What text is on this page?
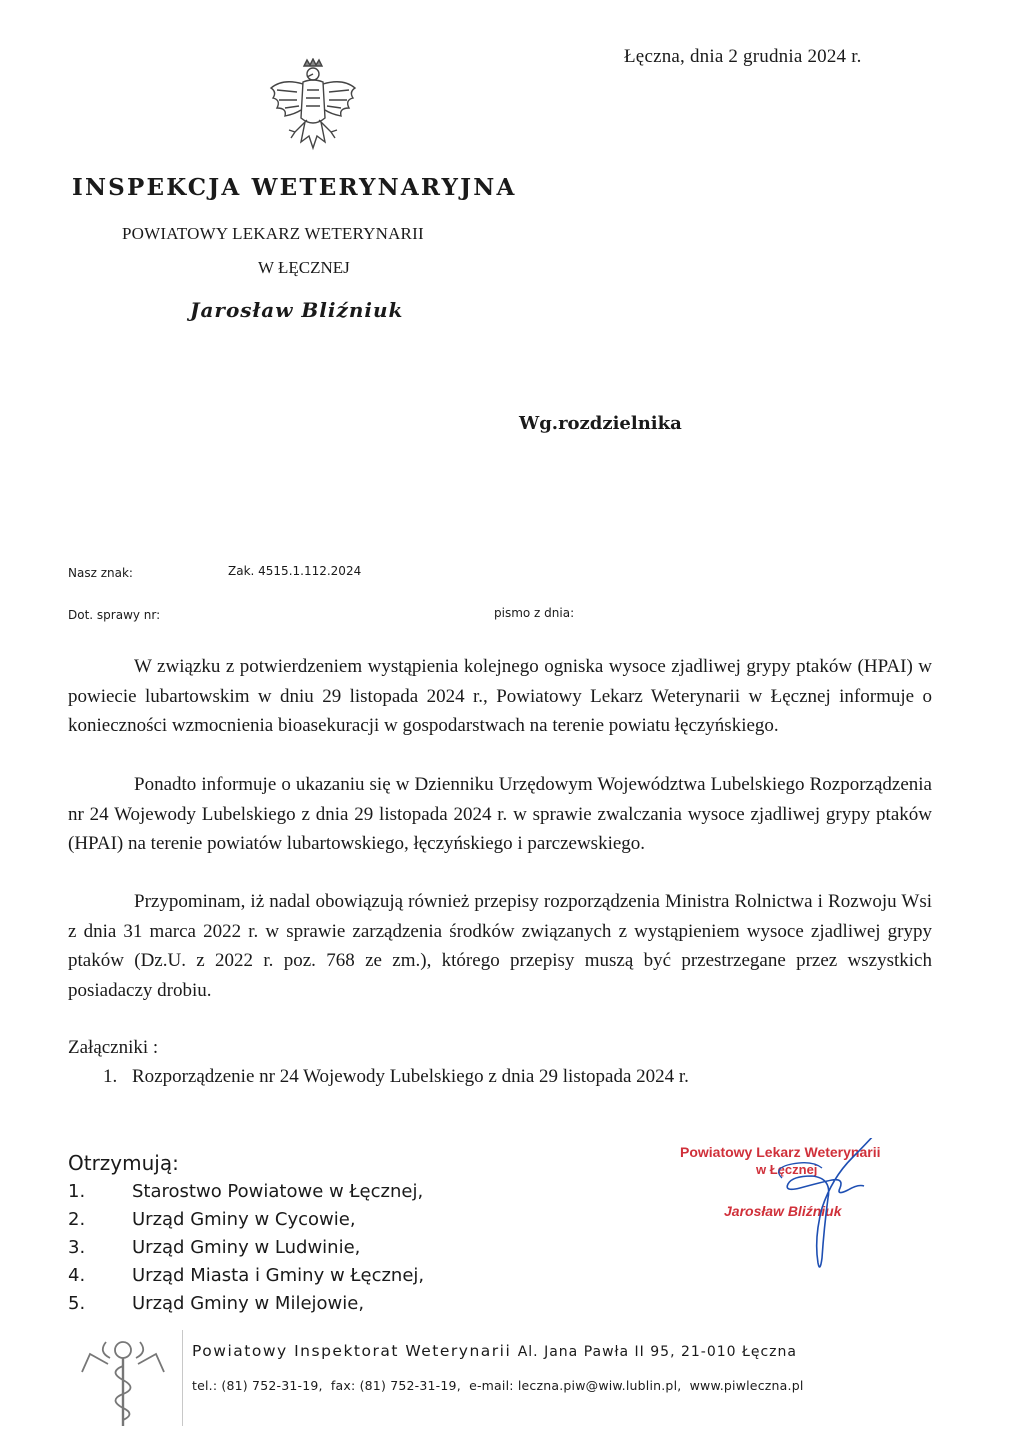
Łęczna, dnia 2 grudnia 2024 r.
INSPEKCJA WETERYNARYJNA
POWIATOWY LEKARZ WETERYNARII
W ŁĘCZNEJ
Jarosław Bliźniuk
Wg.rozdzielnika
Nasz znak:	Zak. 4515.1.112.2024
Dot. sprawy nr:	pismo z dnia:
W związku z potwierdzeniem wystąpienia kolejnego ogniska wysoce zjadliwej grypy ptaków (HPAI) w powiecie lubartowskim w dniu 29 listopada 2024 r., Powiatowy Lekarz Weterynarii w Łęcznej informuje o konieczności wzmocnienia bioasekuracji w gospodarstwach na terenie powiatu łęczyńskiego.
Ponadto informuje o ukazaniu się w Dzienniku Urzędowym Województwa Lubelskiego Rozporządzenia nr 24 Wojewody Lubelskiego z dnia 29 listopada 2024 r. w sprawie zwalczania wysoce zjadliwej grypy ptaków (HPAI) na terenie powiatów lubartowskiego, łęczyńskiego i parczewskiego.
Przypominam, iż nadal obowiązują również przepisy rozporządzenia Ministra Rolnictwa i Rozwoju Wsi z dnia 31 marca 2022 r. w sprawie zarządzenia środków związanych z wystąpieniem wysoce zjadliwej grypy ptaków (Dz.U. z 2022 r. poz. 768 ze zm.), którego przepisy muszą być przestrzegane przez wszystkich posiadaczy drobiu.
Załączniki :
1. Rozporządzenie nr 24 Wojewody Lubelskiego z dnia 29 listopada 2024 r.
Otrzymują:
1.	Starostwo Powiatowe w Łęcznej,
2.	Urząd Gminy w Cycowie,
3.	Urząd Gminy w Ludwinie,
4.	Urząd Miasta i Gminy w Łęcznej,
5.	Urząd Gminy w Milejowie,
Powiatowy Lekarz Weterynarii
w Łęcznej
Jarosław Bliźniuk
Powiatowy Inspektorat Weterynarii Al. Jana Pawła II 95, 21-010 Łęczna
tel.: (81) 752-31-19, fax: (81) 752-31-19, e-mail: leczna.piw@wiw.lublin.pl, www.piwleczna.pl
